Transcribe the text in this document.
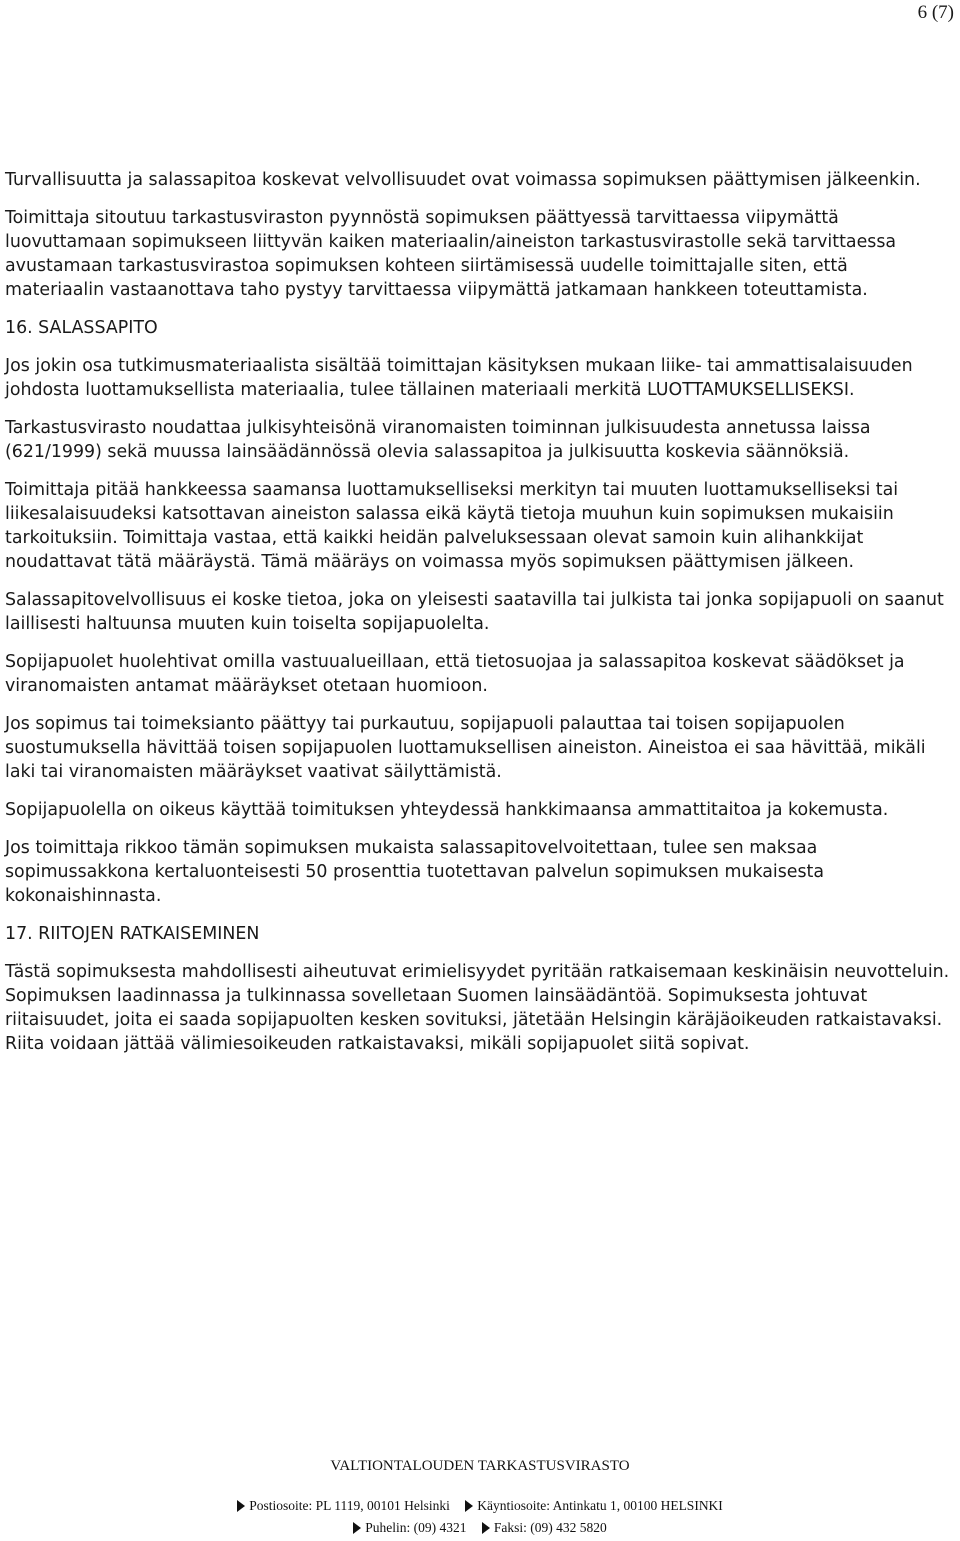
6 (7)

Turvallisuutta ja salassapitoa koskevat velvollisuudet ovat voimassa sopimuksen päättymisen jälkeenkin.

Toimittaja sitoutuu tarkastusviraston pyynnöstä sopimuksen päättyessä tarvittaessa viipymättä luovuttamaan sopimukseen liittyvän kaiken materiaalin/aineiston tarkastusvirastolle sekä tarvittaessa avustamaan tarkastusvirastoa sopimuksen kohteen siirtämisessä uudelle toimittajalle siten, että materiaalin vastaanottava taho pystyy tarvittaessa viipymättä jatkamaan hankkeen toteuttamista.

16. SALASSAPITO

Jos jokin osa tutkimusmateriaalista sisältää toimittajan käsityksen mukaan liike- tai ammattisalaisuuden johdosta luottamuksellista materiaalia, tulee tällainen materiaali merkitä LUOTTAMUKSELLISEKSI.

Tarkastusvirasto noudattaa julkisyhteisönä viranomaisten toiminnan julkisuudesta annetussa laissa (621/1999) sekä muussa lainsäädännössä olevia salassapitoa ja julkisuutta koskevia säännöksiä.

Toimittaja pitää hankkeessa saamansa luottamukselliseksi merkityn tai muuten luottamukselliseksi tai liikesalaisuudeksi katsottavan aineiston salassa eikä käytä tietoja muuhun kuin sopimuksen mukaisiin tarkoituksiin. Toimittaja vastaa, että kaikki heidän palveluksessaan olevat samoin kuin alihankkijat noudattavat tätä määräystä. Tämä määräys on voimassa myös sopimuksen päättymisen jälkeen.

Salassapitovelvollisuus ei koske tietoa, joka on yleisesti saatavilla tai julkista tai jonka sopijapuoli on saanut laillisesti haltuunsa muuten kuin toiselta sopijapuolelta.

Sopijapuolet huolehtivat omilla vastuualueillaan, että tietosuojaa ja salassapitoa koskevat säädökset ja viranomaisten antamat määräykset otetaan huomioon.

Jos sopimus tai toimeksianto päättyy tai purkautuu, sopijapuoli palauttaa tai toisen sopijapuolen suostumuksella hävittää toisen sopijapuolen luottamuksellisen aineiston. Aineistoa ei saa hävittää, mikäli laki tai viranomaisten määräykset vaativat säilyttämistä.

Sopijapuolella on oikeus käyttää toimituksen yhteydessä hankkimaansa ammattitaitoa ja kokemusta.

Jos toimittaja rikkoo tämän sopimuksen mukaista salassapitovelvoitettaan, tulee sen maksaa sopimussakkona kertaluonteisesti 50 prosenttia tuotettavan palvelun sopimuksen mukaisesta kokonaishinnasta.

17. RIITOJEN RATKAISEMINEN

Tästä sopimuksesta mahdollisesti aiheutuvat erimielisyydet pyritään ratkaisemaan keskinäisin neuvotteluin. Sopimuksen laadinnassa ja tulkinnassa sovelletaan Suomen lainsäädäntöä. Sopimuksesta johtuvat riitaisuudet, joita ei saada sopijapuolten kesken sovituksi, jätetään Helsingin käräjäoikeuden ratkaistavaksi. Riita voidaan jättää välimiesoikeuden ratkaistavaksi, mikäli sopijapuolet siitä sopivat.

VALTIONTALOUDEN TARKASTUSVIRASTO
Postiosoite: PL 1119, 00101 Helsinki Käyntiosoite: Antinkatu 1, 00100 HELSINKI
Puhelin: (09) 4321 Faksi: (09) 432 5820
